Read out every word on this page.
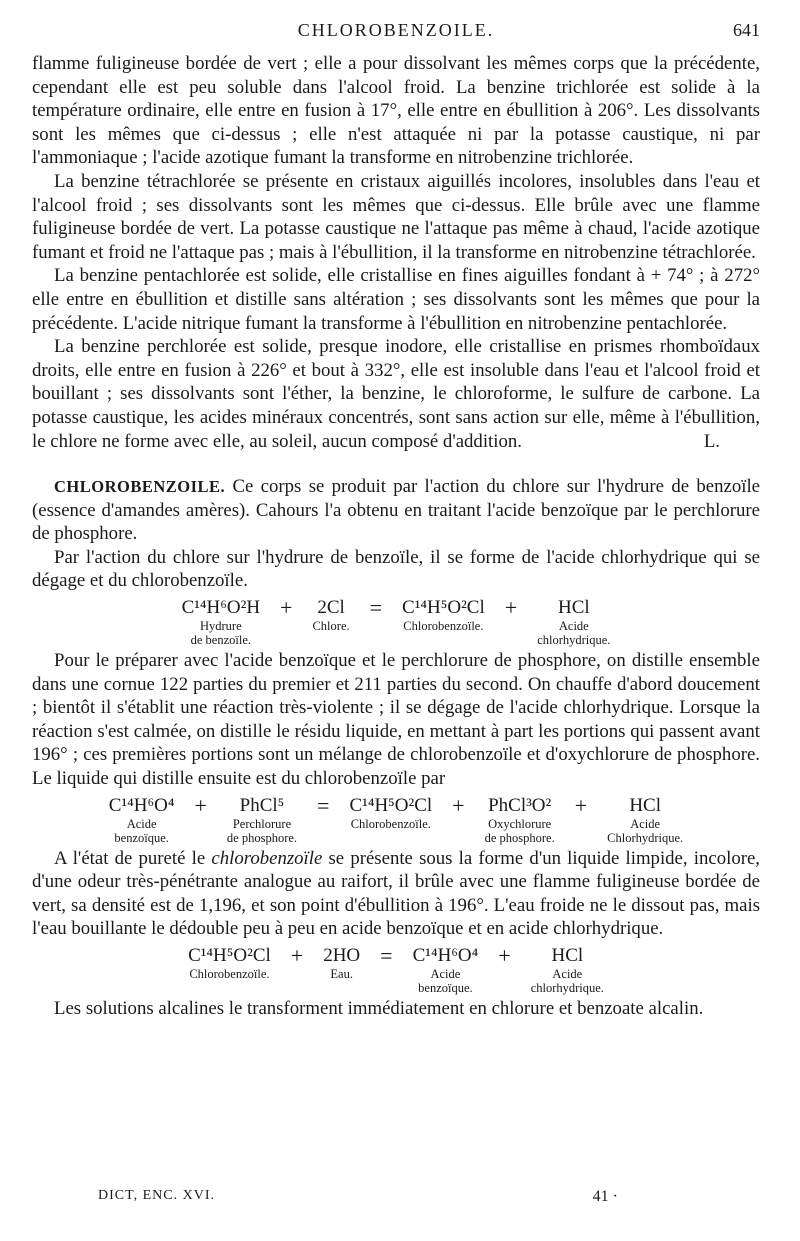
CHLOROBENZOILE.	641

flamme fuligineuse bordée de vert ; elle a pour dissolvant les mêmes corps que la précédente, cependant elle est peu soluble dans l'alcool froid. La benzine trichlorée est solide à la température ordinaire, elle entre en fusion à 17°, elle entre en ébullition à 206°. Les dissolvants sont les mêmes que ci-dessus ; elle n'est attaquée ni par la potasse caustique, ni par l'ammoniaque ; l'acide azotique fumant la transforme en nitrobenzine trichlorée.

La benzine tétrachlorée se présente en cristaux aiguillés incolores, insolubles dans l'eau et l'alcool froid ; ses dissolvants sont les mêmes que ci-dessus. Elle brûle avec une flamme fuligineuse bordée de vert. La potasse caustique ne l'attaque pas même à chaud, l'acide azotique fumant et froid ne l'attaque pas ; mais à l'ébullition, il la transforme en nitrobenzine tétrachlorée.

La benzine pentachlorée est solide, elle cristallise en fines aiguilles fondant à + 74° ; à 272° elle entre en ébullition et distille sans altération ; ses dissolvants sont les mêmes que pour la précédente. L'acide nitrique fumant la transforme à l'ébullition en nitrobenzine pentachlorée.

La benzine perchlorée est solide, presque inodore, elle cristallise en prismes rhomboïdaux droits, elle entre en fusion à 226° et bout à 332°, elle est insoluble dans l'eau et l'alcool froid et bouillant ; ses dissolvants sont l'éther, la benzine, le chloroforme, le sulfure de carbone. La potasse caustique, les acides minéraux concentrés, sont sans action sur elle, même à l'ébullition, le chlore ne forme avec elle, au soleil, aucun composé d'addition.	L.

CHLOROBENZOILE. Ce corps se produit par l'action du chlore sur l'hydrure de benzoïle (essence d'amandes amères). Cahours l'a obtenu en traitant l'acide benzoïque par le perchlorure de phosphore.

Par l'action du chlore sur l'hydrure de benzoïle, il se forme de l'acide chlorhydrique qui se dégage et du chlorobenzoïle.

C¹⁴H⁶O²H
Hydrure
de benzoïle.
+	2Cl
Chlore.
=	C¹⁴H⁵O²Cl
Chlorobenzoïle.
+	HCl
Acide
chlorhydrique.

Pour le préparer avec l'acide benzoïque et le perchlorure de phosphore, on distille ensemble dans une cornue 122 parties du premier et 211 parties du second. On chauffe d'abord doucement ; bientôt il s'établit une réaction très-violente ; il se dégage de l'acide chlorhydrique. Lorsque la réaction s'est calmée, on distille le résidu liquide, en mettant à part les portions qui passent avant 196° ; ces premières portions sont un mélange de chlorobenzoïle et d'oxychlorure de phosphore. Le liquide qui distille ensuite est du chlorobenzoïle par

C¹⁴H⁶O⁴
Acide
benzoïque.
+	PhCl⁵
Perchlorure
de phosphore.
=	C¹⁴H⁵O²Cl
Chlorobenzoïle.
+	PhCl³O²
Oxychlorure
de phosphore.
+	HCl
Acide
Chlorhydrique.

A l'état de pureté le chlorobenzoïle se présente sous la forme d'un liquide limpide, incolore, d'une odeur très-pénétrante analogue au raifort, il brûle avec une flamme fuligineuse bordée de vert, sa densité est de 1,196, et son point d'ébullition à 196°. L'eau froide ne le dissout pas, mais l'eau bouillante le dédouble peu à peu en acide benzoïque et en acide chlorhydrique.

C¹⁴H⁵O²Cl
Chlorobenzoïle.
+	2HO
Eau.
=	C¹⁴H⁶O⁴
Acide
benzoïque.
+	HCl
Acide
chlorhydrique.

Les solutions alcalines le transforment immédiatement en chlorure et benzoate alcalin.

DICT, ENC. XVI.	41 ·
